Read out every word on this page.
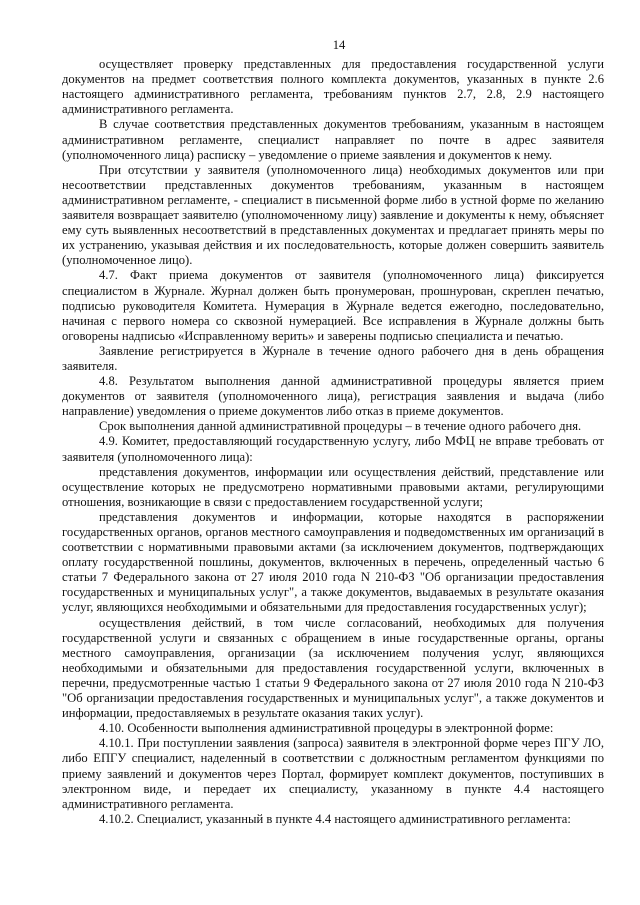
14

осуществляет проверку представленных для предоставления государственной услуги документов на предмет соответствия полного комплекта документов, указанных в пункте 2.6 настоящего административного регламента, требованиям пунктов 2.7, 2.8, 2.9 настоящего административного регламента.

В случае соответствия представленных документов требованиям, указанным в настоящем административном регламенте, специалист направляет по почте в адрес заявителя (уполномоченного лица) расписку – уведомление о приеме заявления и документов к нему.

При отсутствии у заявителя (уполномоченного лица) необходимых документов или при несоответствии представленных документов требованиям, указанным в настоящем административном регламенте, - специалист в письменной форме либо в устной форме по желанию заявителя возвращает заявителю (уполномоченному лицу) заявление и документы к нему, объясняет ему суть выявленных несоответствий в представленных документах и предлагает принять меры по их устранению, указывая действия и их последовательность, которые должен совершить заявитель (уполномоченное лицо).

4.7. Факт приема документов от заявителя (уполномоченного лица) фиксируется специалистом в Журнале. Журнал должен быть пронумерован, прошнурован, скреплен печатью, подписью руководителя Комитета. Нумерация в Журнале ведется ежегодно, последовательно, начиная с первого номера со сквозной нумерацией. Все исправления в Журнале должны быть оговорены надписью «Исправленному верить» и заверены подписью специалиста и печатью.

Заявление регистрируется в Журнале в течение одного рабочего дня в день обращения заявителя.

4.8. Результатом выполнения данной административной процедуры является прием документов от заявителя (уполномоченного лица), регистрация заявления и выдача (либо направление) уведомления о приеме документов либо отказ в приеме документов.

Срок выполнения данной административной процедуры – в течение одного рабочего дня.

4.9. Комитет, предоставляющий государственную услугу, либо МФЦ не вправе требовать от заявителя (уполномоченного лица):

представления документов, информации или осуществления действий, представление или осуществление которых не предусмотрено нормативными правовыми актами, регулирующими отношения, возникающие в связи с предоставлением государственной услуги;

представления документов и информации, которые находятся в распоряжении государственных органов, органов местного самоуправления и подведомственных им организаций в соответствии с нормативными правовыми актами (за исключением документов, подтверждающих оплату государственной пошлины, документов, включенных в перечень, определенный частью 6 статьи 7 Федерального закона от 27 июля 2010 года N 210-ФЗ "Об организации предоставления государственных и муниципальных услуг", а также документов, выдаваемых в результате оказания услуг, являющихся необходимыми и обязательными для предоставления государственных услуг);

осуществления действий, в том числе согласований, необходимых для получения государственной услуги и связанных с обращением в иные государственные органы, органы местного самоуправления, организации (за исключением получения услуг, являющихся необходимыми и обязательными для предоставления государственной услуги, включенных в перечни, предусмотренные частью 1 статьи 9 Федерального закона от 27 июля 2010 года N 210-ФЗ "Об организации предоставления государственных и муниципальных услуг", а также документов и информации, предоставляемых в результате оказания таких услуг).

4.10. Особенности выполнения административной процедуры в электронной форме:

4.10.1. При поступлении заявления (запроса) заявителя в электронной форме через ПГУ ЛО, либо ЕПГУ специалист, наделенный в соответствии с должностным регламентом функциями по приему заявлений и документов через Портал, формирует комплект документов, поступивших в электронном виде, и передает их специалисту, указанному в пункте 4.4 настоящего административного регламента.

4.10.2. Специалист, указанный в пункте 4.4 настоящего административного регламента:
